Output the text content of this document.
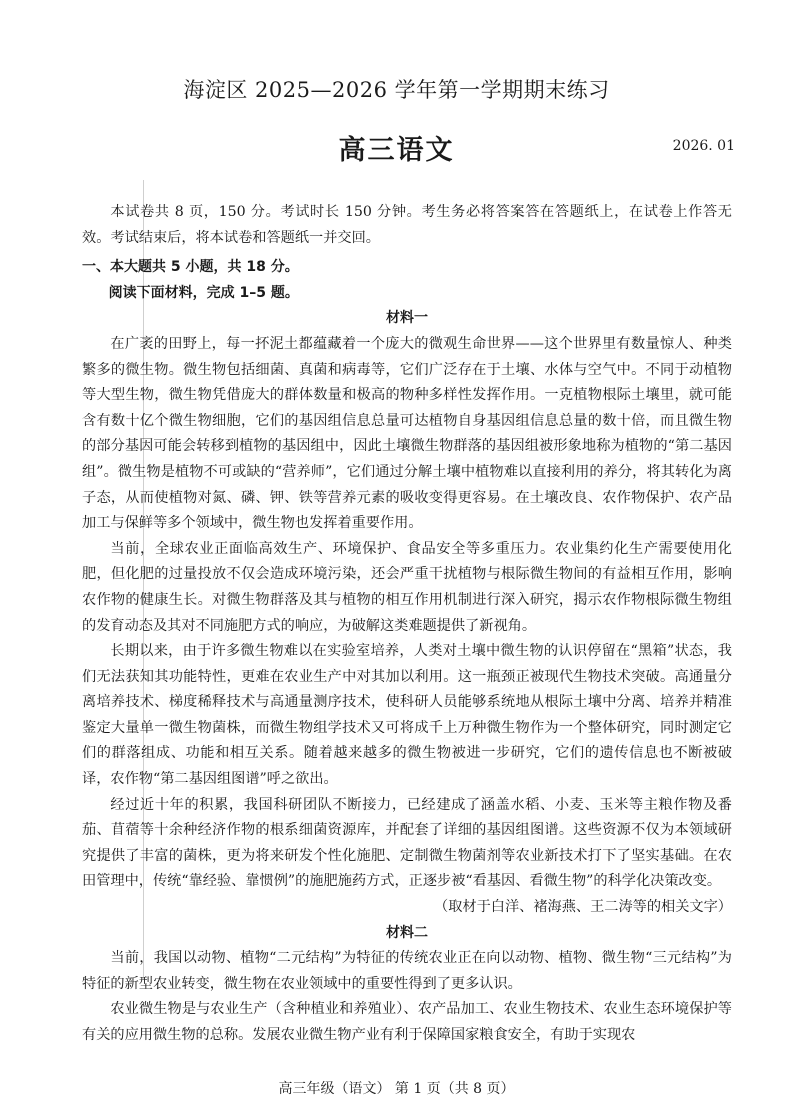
海淀区 2025—2026 学年第一学期期末练习
高三语文	2026. 01

本试卷共 8 页，150 分。考试时长 150 分钟。考生务必将答案答在答题纸上，在试卷上作答无效。考试结束后，将本试卷和答题纸一并交回。

一、本大题共 5 小题，共 18 分。

阅读下面材料，完成 1–5 题。

材料一

在广袤的田野上，每一抔泥土都蕴藏着一个庞大的微观生命世界——这个世界里有数量惊人、种类繁多的微生物。微生物包括细菌、真菌和病毒等，它们广泛存在于土壤、水体与空气中。不同于动植物等大型生物，微生物凭借庞大的群体数量和极高的物种多样性发挥作用。一克植物根际土壤里，就可能含有数十亿个微生物细胞，它们的基因组信息总量可达植物自身基因组信息总量的数十倍，而且微生物的部分基因可能会转移到植物的基因组中，因此土壤微生物群落的基因组被形象地称为植物的“第二基因组”。微生物是植物不可或缺的“营养师”，它们通过分解土壤中植物难以直接利用的养分，将其转化为离子态，从而使植物对氮、磷、钾、铁等营养元素的吸收变得更容易。在土壤改良、农作物保护、农产品加工与保鲜等多个领域中，微生物也发挥着重要作用。

当前，全球农业正面临高效生产、环境保护、食品安全等多重压力。农业集约化生产需要使用化肥，但化肥的过量投放不仅会造成环境污染，还会严重干扰植物与根际微生物间的有益相互作用，影响农作物的健康生长。对微生物群落及其与植物的相互作用机制进行深入研究，揭示农作物根际微生物组的发育动态及其对不同施肥方式的响应，为破解这类难题提供了新视角。

长期以来，由于许多微生物难以在实验室培养，人类对土壤中微生物的认识停留在“黑箱”状态，我们无法获知其功能特性，更难在农业生产中对其加以利用。这一瓶颈正被现代生物技术突破。高通量分离培养技术、梯度稀释技术与高通量测序技术，使科研人员能够系统地从根际土壤中分离、培养并精准鉴定大量单一微生物菌株，而微生物组学技术又可将成千上万种微生物作为一个整体研究，同时测定它们的群落组成、功能和相互关系。随着越来越多的微生物被进一步研究，它们的遗传信息也不断被破译，农作物“第二基因组图谱”呼之欲出。

经过近十年的积累，我国科研团队不断接力，已经建成了涵盖水稻、小麦、玉米等主粮作物及番茄、苜蓿等十余种经济作物的根系细菌资源库，并配套了详细的基因组图谱。这些资源不仅为本领域研究提供了丰富的菌株，更为将来研发个性化施肥、定制微生物菌剂等农业新技术打下了坚实基础。在农田管理中，传统“靠经验、靠惯例”的施肥施药方式，正逐步被“看基因、看微生物”的科学化决策改变。

（取材于白洋、褚海燕、王二涛等的相关文字）

材料二

当前，我国以动物、植物“二元结构”为特征的传统农业正在向以动物、植物、微生物“三元结构”为特征的新型农业转变，微生物在农业领域中的重要性得到了更多认识。

农业微生物是与农业生产（含种植业和养殖业）、农产品加工、农业生物技术、农业生态环境保护等有关的应用微生物的总称。发展农业微生物产业有利于保障国家粮食安全，有助于实现农

高三年级（语文） 第 1 页（共 8 页）
